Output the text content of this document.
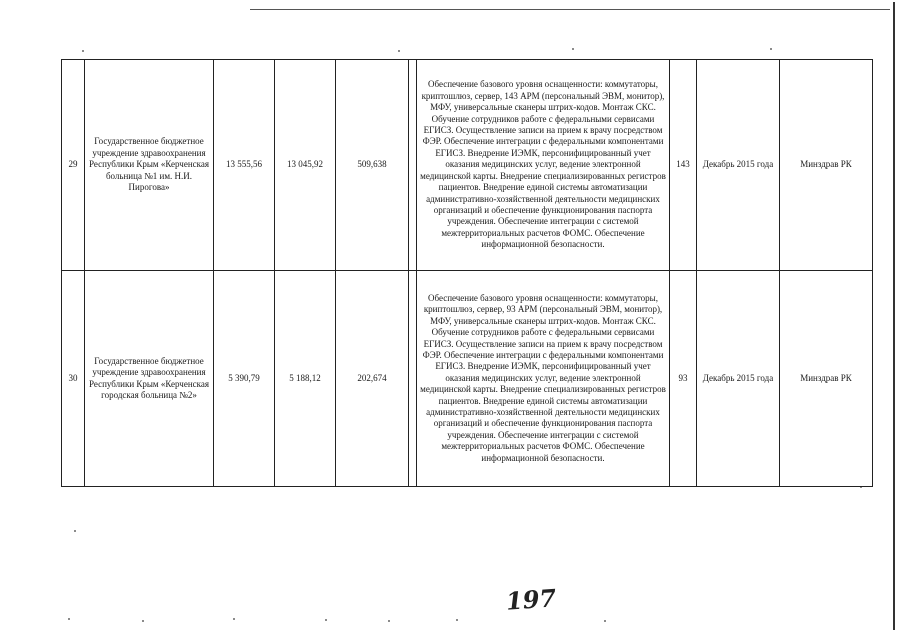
29	Государственное бюджетное учреждение здравоохранения Республики Крым «Керченская больница №1 им. Н.И. Пирогова»	13 555,56	13 045,92	509,638		Обеспечение базового уровня оснащенности: коммутаторы, криптошлюз, сервер, 143 АРМ (персональный ЭВМ, монитор), МФУ, универсальные сканеры штрих-кодов. Монтаж СКС. Обучение сотрудников работе с федеральными сервисами ЕГИСЗ. Осуществление записи на прием к врачу посредством ФЭР. Обеспечение интеграции с федеральными компонентами ЕГИСЗ. Внедрение ИЭМК, персонифицированный учет оказания медицинских услуг, ведение электронной медицинской карты. Внедрение специализированных регистров пациентов. Внедрение единой системы автоматизации административно-хозяйственной деятельности медицинских организаций и обеспечение функционирования паспорта учреждения. Обеспечение интеграции с системой межтерриториальных расчетов ФОМС. Обеспечение информационной безопасности.	143	Декабрь 2015 года	Минздрав РК
30	Государственное бюджетное учреждение здравоохранения Республики Крым «Керченская городская больница №2»	5 390,79	5 188,12	202,674		Обеспечение базового уровня оснащенности: коммутаторы, криптошлюз, сервер, 93 АРМ (персональный ЭВМ, монитор), МФУ, универсальные сканеры штрих-кодов. Монтаж СКС. Обучение сотрудников работе с федеральными сервисами ЕГИСЗ. Осуществление записи на прием к врачу посредством ФЭР. Обеспечение интеграции с федеральными компонентами ЕГИСЗ. Внедрение ИЭМК, персонифицированный учет оказания медицинских услуг, ведение электронной медицинской карты. Внедрение специализированных регистров пациентов. Внедрение единой системы автоматизации административно-хозяйственной деятельности медицинских организаций и обеспечение функционирования паспорта учреждения. Обеспечение интеграции с системой межтерриториальных расчетов ФОМС. Обеспечение информационной безопасности.	93	Декабрь 2015 года	Минздрав РК
197
